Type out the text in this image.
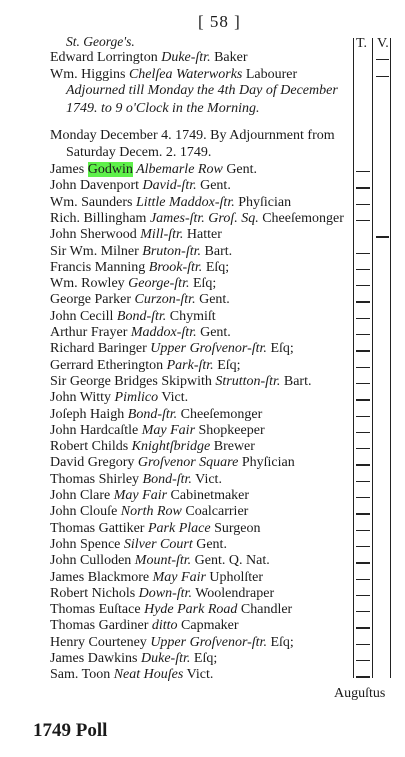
[ 58 ]
T. V.
St. George's.
Edward Lorrington Duke-ſtr. Baker
Wm. Higgins Chelſea Waterworks Labourer
Adjourned till Monday the 4th Day of December
1749. to 9 o'Clock in the Morning.
Monday December 4. 1749. By Adjournment from
Saturday Decem. 2. 1749.
James Godwin Albemarle Row Gent.
John Davenport David-ſtr. Gent.
Wm. Saunders Little Maddox-ſtr. Phyſician
Rich. Billingham James-ſtr. Groſ. Sq. Cheeſemonger
John Sherwood Mill-ſtr. Hatter
Sir Wm. Milner Bruton-ſtr. Bart.
Francis Manning Brook-ſtr. Eſq;
Wm. Rowley George-ſtr. Eſq;
George Parker Curzon-ſtr. Gent.
John Cecill Bond-ſtr. Chymiſt
Arthur Frayer Maddox-ſtr. Gent.
Richard Baringer Upper Groſvenor-ſtr. Eſq;
Gerrard Etherington Park-ſtr. Eſq;
Sir George Bridges Skipwith Strutton-ſtr. Bart.
John Witty Pimlico Vict.
Joſeph Haigh Bond-ſtr. Cheeſemonger
John Hardcaſtle May Fair Shopkeeper
Robert Childs Knightſbridge Brewer
David Gregory Groſvenor Square Phyſician
Thomas Shirley Bond-ſtr. Vict.
John Clare May Fair Cabinetmaker
John Clouſe North Row Coalcarrier
Thomas Gattiker Park Place Surgeon
John Spence Silver Court Gent.
John Culloden Mount-ſtr. Gent. Q. Nat.
James Blackmore May Fair Upholſter
Robert Nichols Down-ſtr. Woolendraper
Thomas Euſtace Hyde Park Road Chandler
Thomas Gardiner ditto Capmaker
Henry Courteney Upper Groſvenor-ſtr. Eſq;
James Dawkins Duke-ſtr. Eſq;
Sam. Toon Neat Houſes Vict.
Auguſtus
1749 Poll
